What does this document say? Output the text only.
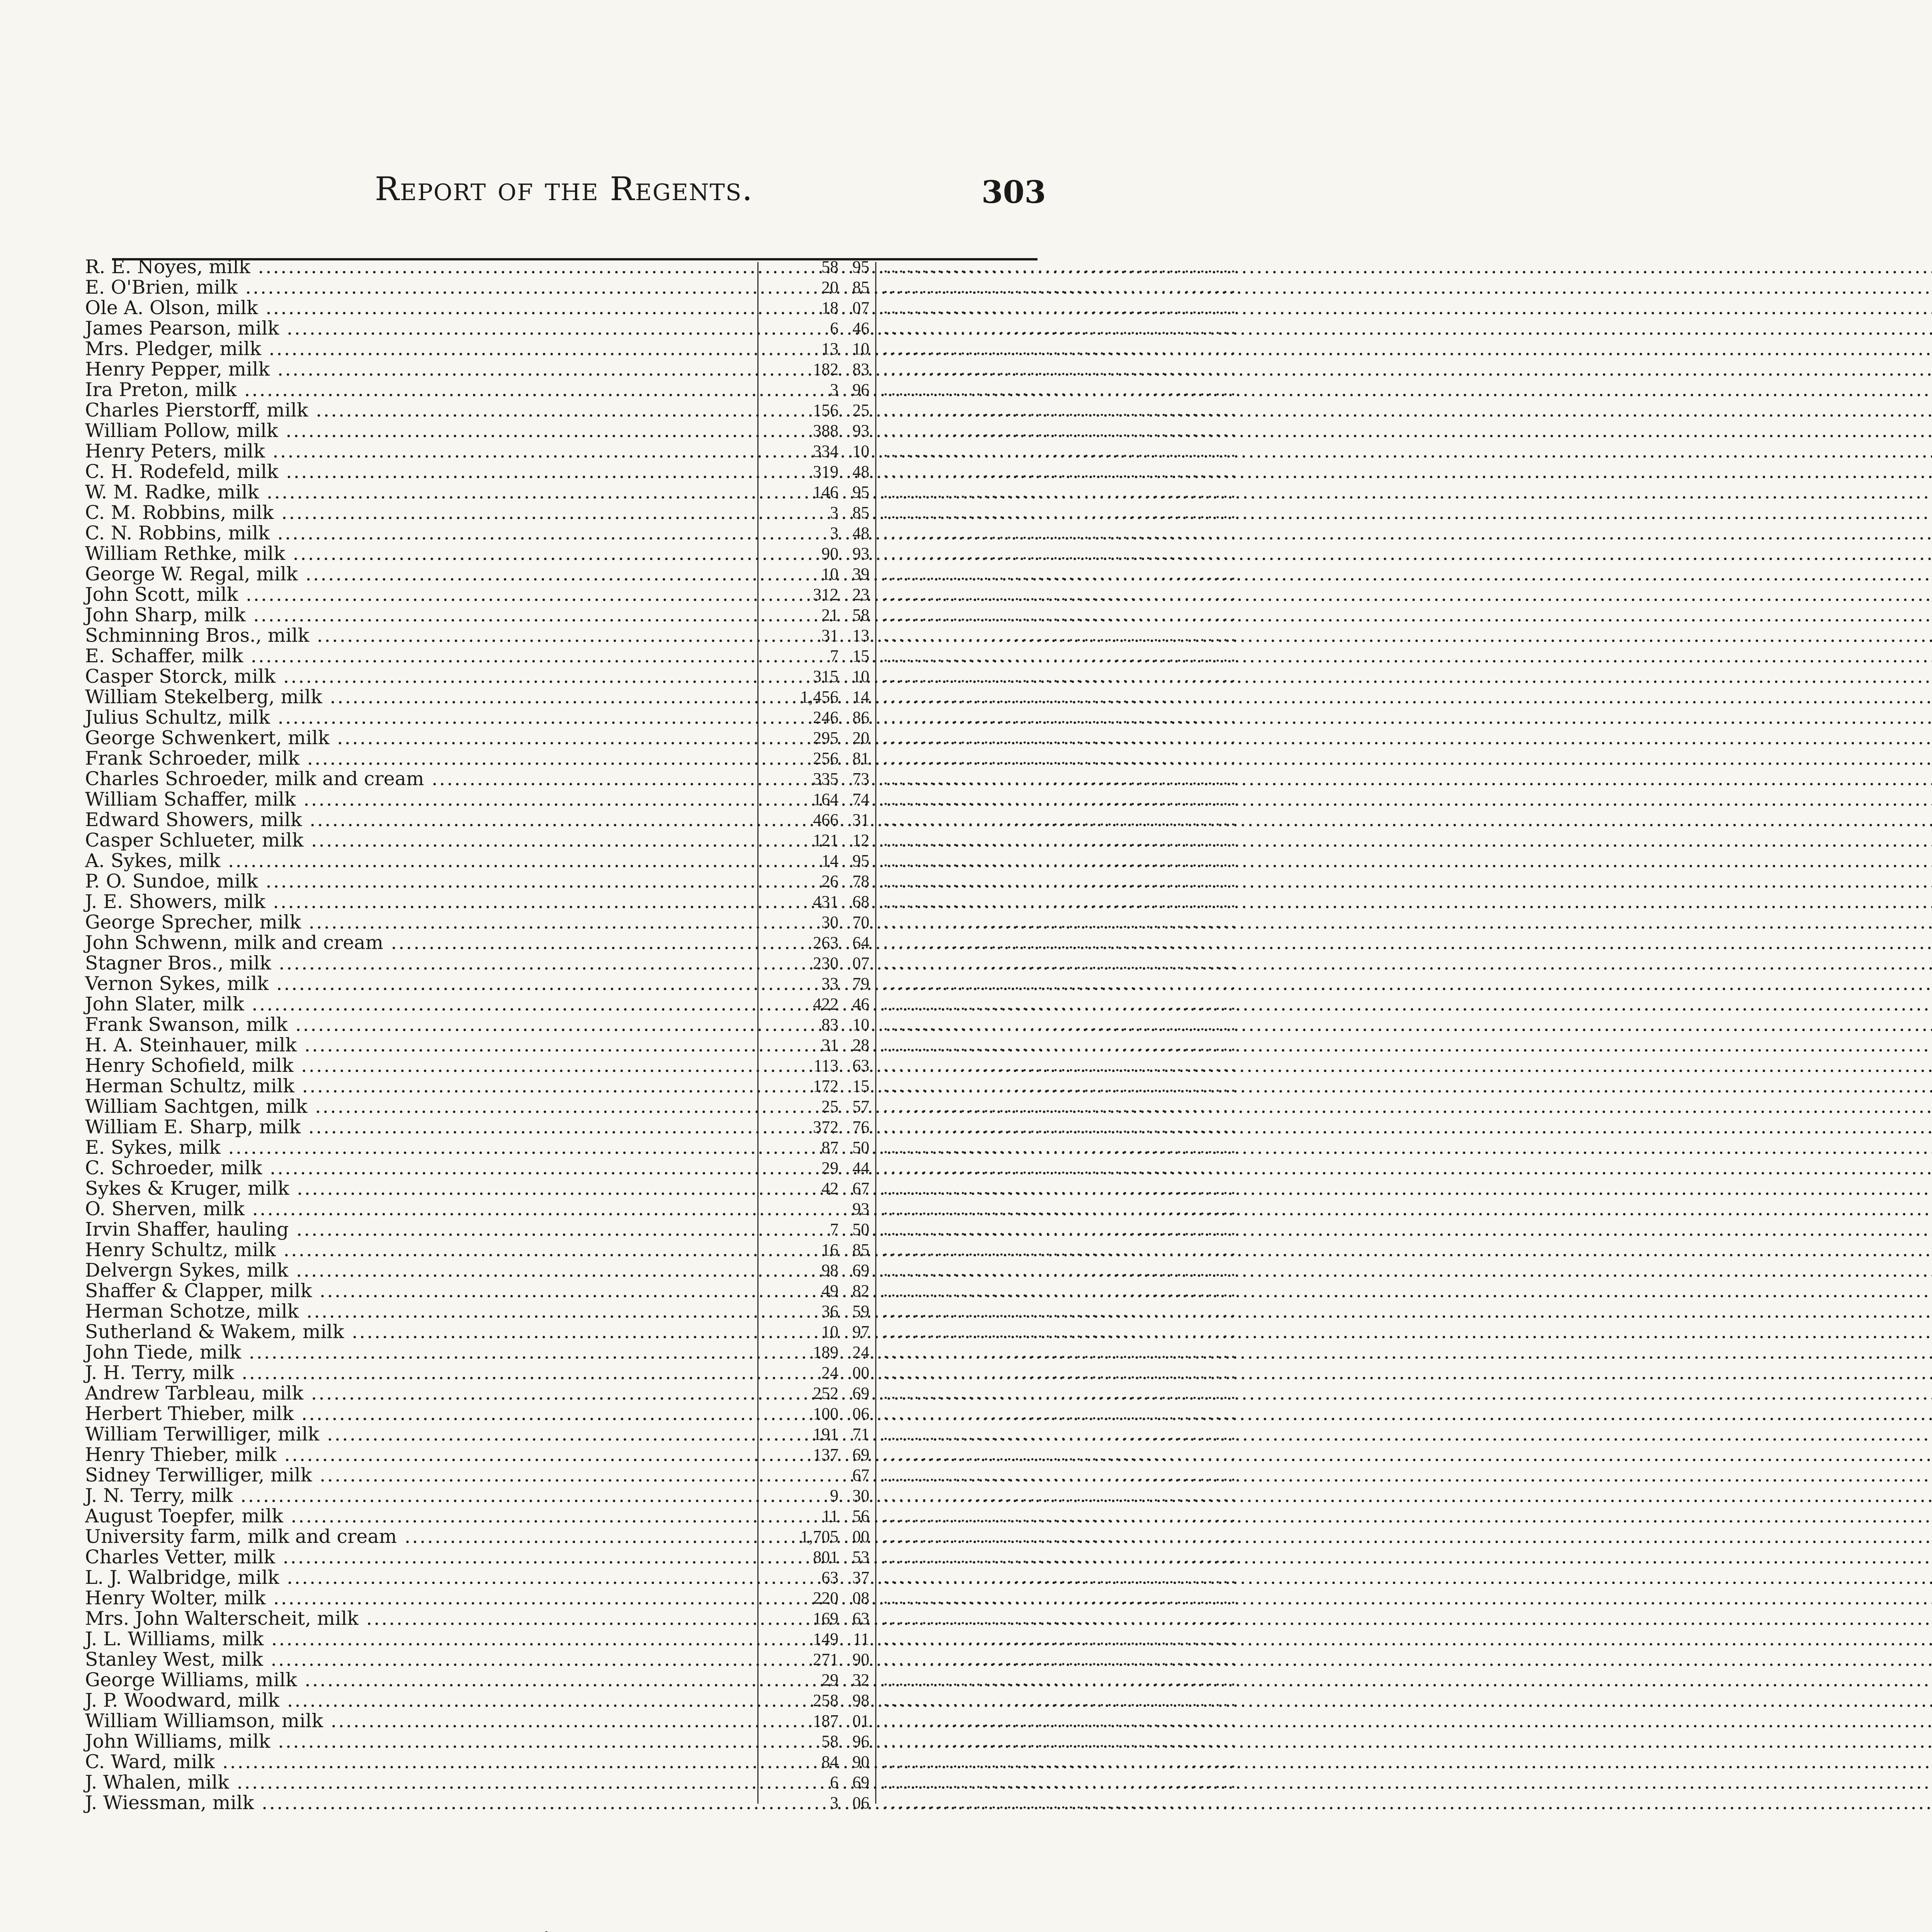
Report of the Regents.	303
R. E. Noyes, milk .....	58 95 ..............................................
E. O'Brien, milk .....	20 85 ..............................................
Ole A. Olson, milk .....	18 07 ..............................................
James Pearson, milk .....	6 46 ..............................................
Mrs. Pledger, milk .....	13 10 ..............................................
Henry Pepper, milk .....	182 83 ..............................................
Ira Preton, milk .....	3 96 ..............................................
Charles Pierstorff, milk .....	156 25 ..............................................
William Pollow, milk .....	388 93 ..............................................
Henry Peters, milk .....	334 10 ..............................................
C. H. Rodefeld, milk .....	319 48 ..............................................
W. M. Radke, milk .....	146 95 ..............................................
C. M. Robbins, milk .....	3 85 ..............................................
C. N. Robbins, milk .....	3 48 ..............................................
William Rethke, milk .....	90 93 ..............................................
George W. Regal, milk .....	10 39 ..............................................
John Scott, milk .....	312 23 ..............................................
John Sharp, milk .....	21 58 ..............................................
Schminning Bros., milk .....	31 13 ..............................................
E. Schaffer, milk .....	7 15 ..............................................
Casper Storck, milk .....	315 10 ..............................................
William Stekelberg, milk .....	1,456 14 ..............................................
Julius Schultz, milk .....	246 86 ..............................................
George Schwenkert, milk .....	295 20 ..............................................
Frank Schroeder, milk .....	256 81 ..............................................
Charles Schroeder, milk and cream .....	335 73 ..............................................
William Schaffer, milk .....	164 74 ..............................................
Edward Showers, milk .....	466 31 ..............................................
Casper Schlueter, milk .....	121 12 ..............................................
A. Sykes, milk .....	14 95 ..............................................
P. O. Sundoe, milk .....	26 78 ..............................................
J. E. Showers, milk .....	431 68 ..............................................
George Sprecher, milk .....	30 70 ..............................................
John Schwenn, milk and cream .....	263 64 ..............................................
Stagner Bros., milk .....	230 07 ..............................................
Vernon Sykes, milk .....	33 79 ..............................................
John Slater, milk .....	422 46 ..............................................
Frank Swanson, milk .....	83 10 ..............................................
H. A. Steinhauer, milk .....	31 28 ..............................................
Henry Schofield, milk .....	113 63 ..............................................
Herman Schultz, milk .....	172 15 ..............................................
William Sachtgen, milk .....	25 57 ..............................................
William E. Sharp, milk .....	372 76 ..............................................
E. Sykes, milk .....	87 50 ..............................................
C. Schroeder, milk .....	29 44 ..............................................
Sykes & Kruger, milk .....	42 67 ..............................................
O. Sherven, milk .....	93 ..............................................
Irvin Shaffer, hauling .....	7 50 ..............................................
Henry Schultz, milk .....	16 85 ..............................................
Delvergn Sykes, milk .....	98 69 ..............................................
Shaffer & Clapper, milk .....	49 82 ..............................................
Herman Schotze, milk .....	36 59 ..............................................
Sutherland & Wakem, milk .....	10 97 ..............................................
John Tiede, milk .....	189 24 ..............................................
J. H. Terry, milk .....	24 00 ..............................................
Andrew Tarbleau, milk .....	252 69 ..............................................
Herbert Thieber, milk .....	100 06 ..............................................
William Terwilliger, milk .....	191 71 ..............................................
Henry Thieber, milk .....	137 69 ..............................................
Sidney Terwilliger, milk .....	67 ..............................................
J. N. Terry, milk .....	9 30 ..............................................
August Toepfer, milk .....	11 56 ..............................................
University farm, milk and cream .....	1,705 00 ..............................................
Charles Vetter, milk .....	801 53 ..............................................
L. J. Walbridge, milk .....	63 37 ..............................................
Henry Wolter, milk .....	220 08 ..............................................
Mrs. John Walterscheit, milk .....	169 63 ..............................................
J. L. Williams, milk .....	149 11 ..............................................
Stanley West, milk .....	271 90 ..............................................
George Williams, milk .....	29 32 ..............................................
J. P. Woodward, milk .....	258 98 ..............................................
William Williamson, milk .....	187 01 ..............................................
John Williams, milk .....	58 96 ..............................................
C. Ward, milk .....	84 90 ..............................................
J. Whalen, milk .....	6 69 ..............................................
J. Wiessman, milk .....	3 06 ..............................................
